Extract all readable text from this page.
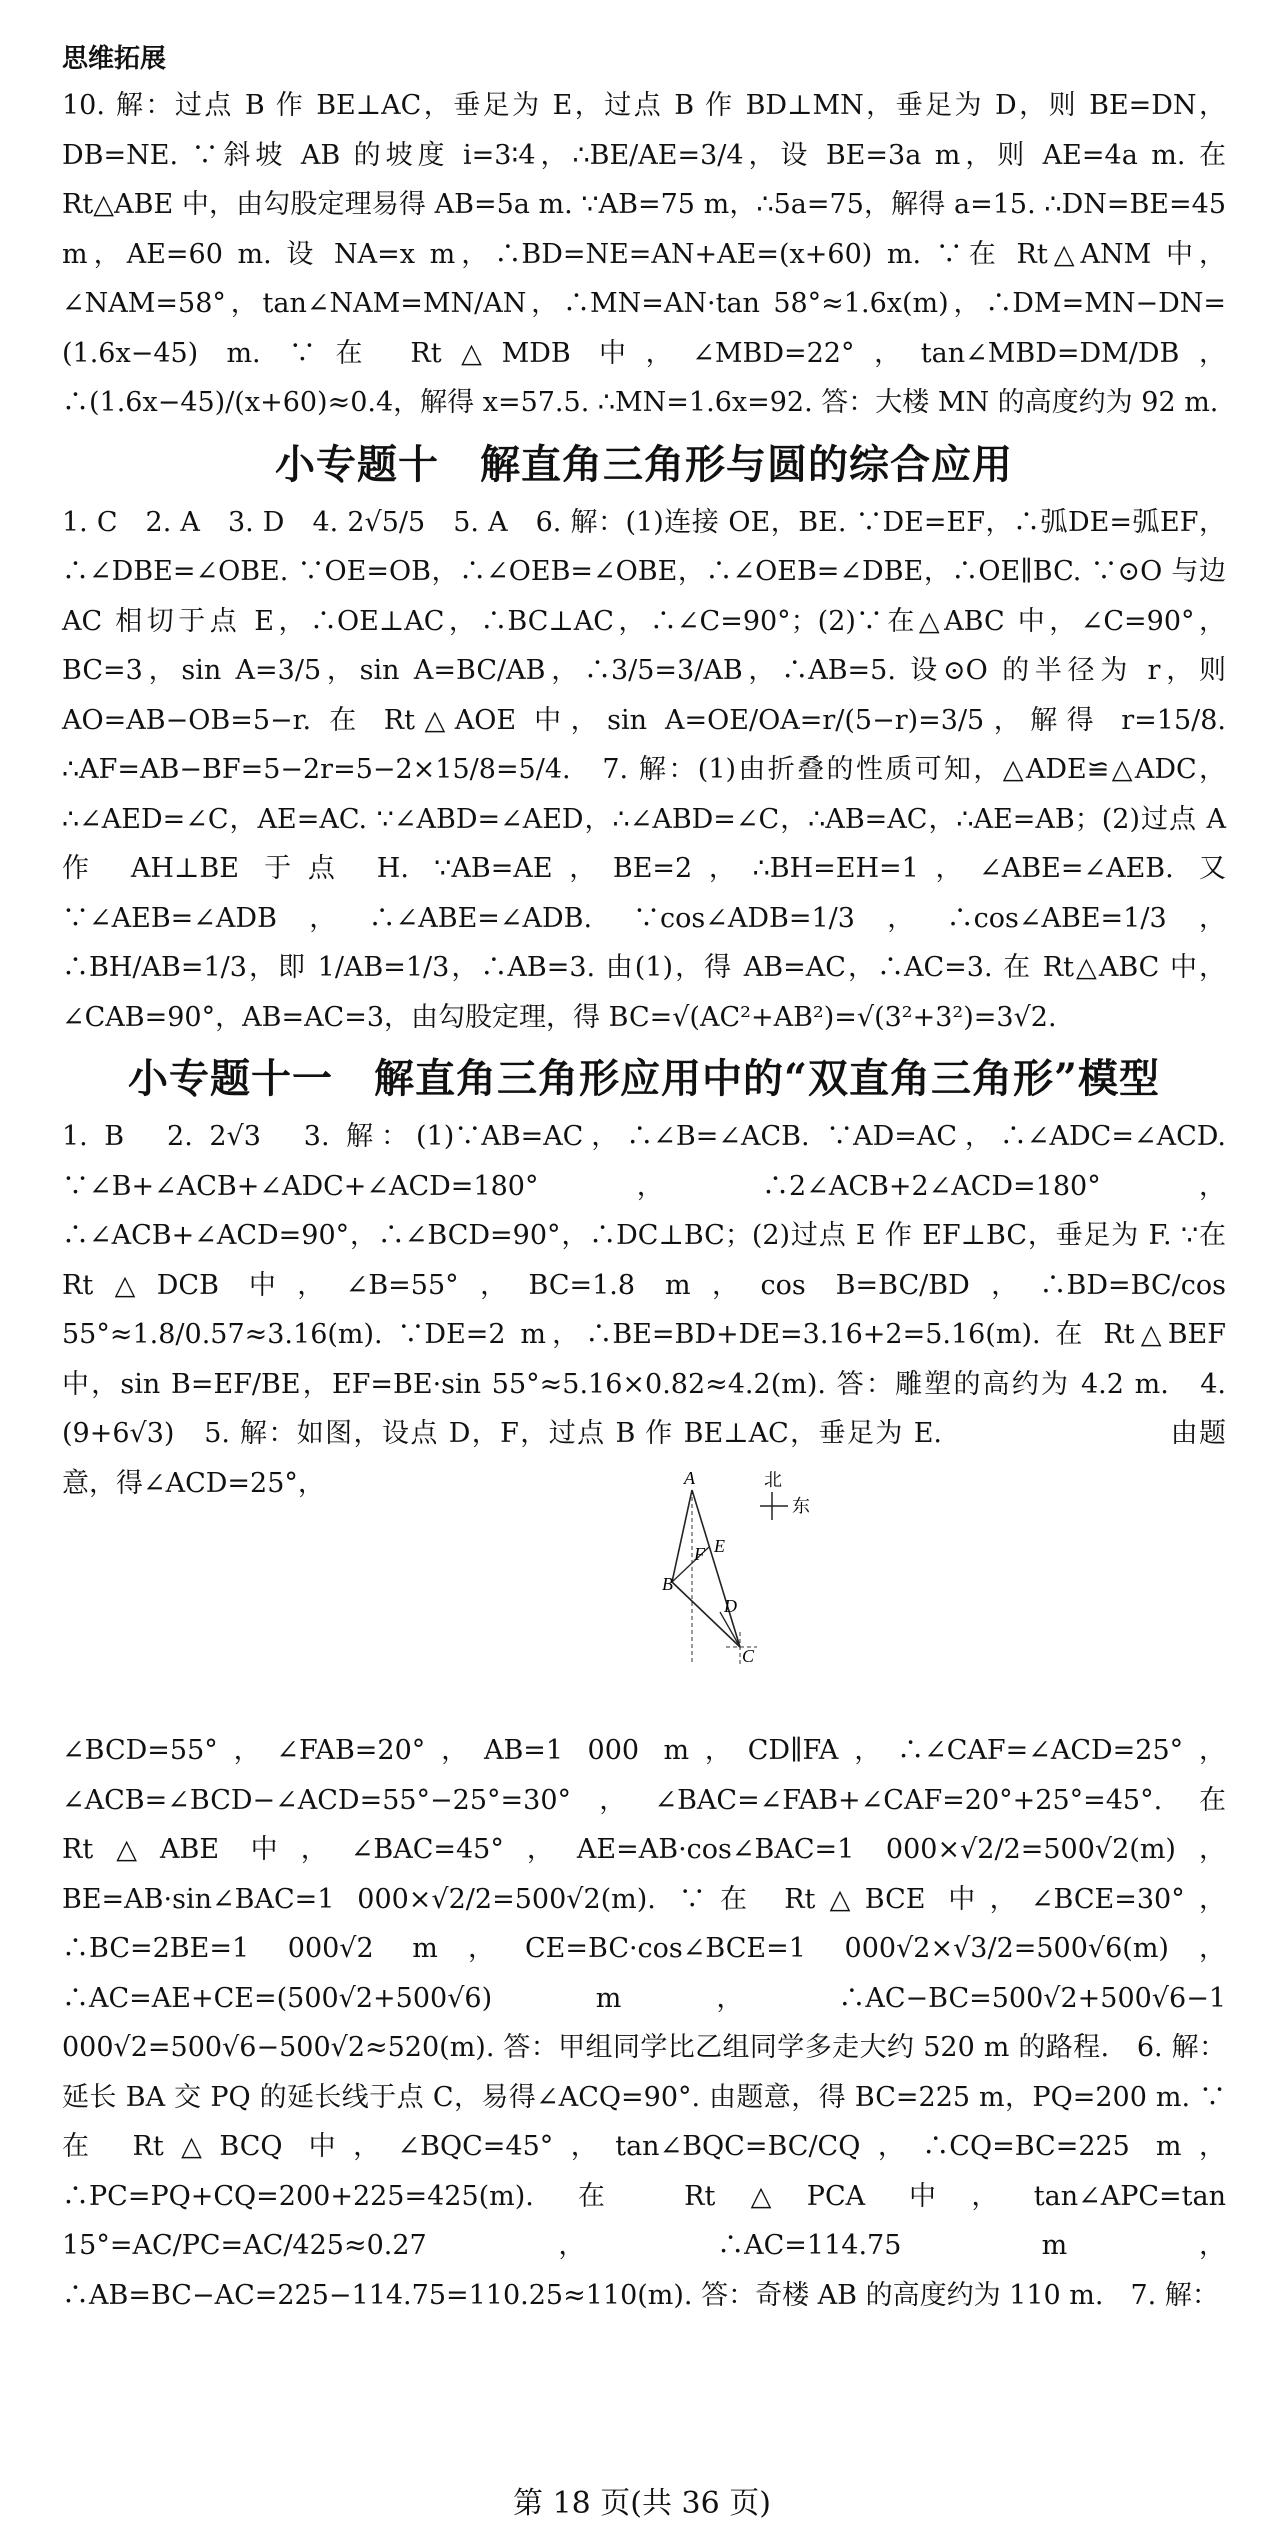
思维拓展

10. 解：过点 B 作 BE⊥AC，垂足为 E，过点 B 作 BD⊥MN，垂足为 D，则 BE=DN，DB=NE. ∵斜坡 AB 的坡度 i=3∶4，∴BE/AE=3/4，设 BE=3a m，则 AE=4a m. 在 Rt△ABE 中，由勾股定理易得 AB=5a m. ∵AB=75 m，∴5a=75，解得 a=15. ∴DN=BE=45 m，AE=60 m. 设 NA=x m，∴BD=NE=AN+AE=(x+60) m. ∵在 Rt△ANM 中，∠NAM=58°，tan∠NAM=MN/AN，∴MN=AN·tan 58°≈1.6x(m)，∴DM=MN−DN=(1.6x−45) m. ∵在 Rt△MDB 中，∠MBD=22°，tan∠MBD=DM/DB，∴(1.6x−45)/(x+60)≈0.4，解得 x=57.5. ∴MN=1.6x=92. 答：大楼 MN 的高度约为 92 m.

小专题十　解直角三角形与圆的综合应用

1. C　2. A　3. D　4. 2√5/5　5. A　6. 解：(1)连接 OE，BE. ∵DE=EF，∴弧DE=弧EF，∴∠DBE=∠OBE. ∵OE=OB，∴∠OEB=∠OBE，∴∠OEB=∠DBE，∴OE∥BC. ∵⊙O 与边 AC 相切于点 E，∴OE⊥AC，∴BC⊥AC，∴∠C=90°；(2)∵在△ABC 中，∠C=90°，BC=3，sin A=3/5，sin A=BC/AB，∴3/5=3/AB，∴AB=5. 设⊙O 的半径为 r，则 AO=AB−OB=5−r. 在 Rt△AOE 中，sin A=OE/OA=r/(5−r)=3/5，解得 r=15/8. ∴AF=AB−BF=5−2r=5−2×15/8=5/4.　7. 解：(1)由折叠的性质可知，△ADE≌△ADC，∴∠AED=∠C，AE=AC. ∵∠ABD=∠AED，∴∠ABD=∠C，∴AB=AC，∴AE=AB；(2)过点 A 作 AH⊥BE 于点 H. ∵AB=AE，BE=2，∴BH=EH=1，∠ABE=∠AEB. 又∵∠AEB=∠ADB，∴∠ABE=∠ADB. ∵cos∠ADB=1/3，∴cos∠ABE=1/3，∴BH/AB=1/3，即 1/AB=1/3，∴AB=3. 由(1)，得 AB=AC，∴AC=3. 在 Rt△ABC 中，∠CAB=90°，AB=AC=3，由勾股定理，得 BC=√(AC²+AB²)=√(3²+3²)=3√2.

小专题十一　解直角三角形应用中的“双直角三角形”模型

1. B　2. 2√3　3. 解：(1)∵AB=AC，∴∠B=∠ACB. ∵AD=AC，∴∠ADC=∠ACD. ∵∠B+∠ACB+∠ADC+∠ACD=180°，∴2∠ACB+2∠ACD=180°，∴∠ACB+∠ACD=90°，∴∠BCD=90°，∴DC⊥BC；(2)过点 E 作 EF⊥BC，垂足为 F. ∵在 Rt△DCB 中，∠B=55°，BC=1.8 m，cos B=BC/BD，∴BD=BC/cos 55°≈1.8/0.57≈3.16(m). ∵DE=2 m，∴BE=BD+DE=3.16+2=5.16(m). 在 Rt△BEF 中，sin B=EF/BE，EF=BE·sin 55°≈5.16×0.82≈4.2(m). 答：雕塑的高约为 4.2 m.　4. (9+6√3)　5. 解：如图，设点 D，F，过点 B 作 BE⊥AC，垂足为 E.　　　　　　　　由题意，得∠ACD=25°，	A
B
C
D
E
F
北
东

∠BCD=55°，∠FAB=20°，AB=1 000 m，CD∥FA，∴∠CAF=∠ACD=25°，∠ACB=∠BCD−∠ACD=55°−25°=30°，∠BAC=∠FAB+∠CAF=20°+25°=45°. 在 Rt△ABE 中，∠BAC=45°，AE=AB·cos∠BAC=1 000×√2/2=500√2(m)，BE=AB·sin∠BAC=1 000×√2/2=500√2(m). ∵在 Rt△BCE 中，∠BCE=30°，∴BC=2BE=1 000√2 m，CE=BC·cos∠BCE=1 000√2×√3/2=500√6(m)，∴AC=AE+CE=(500√2+500√6) m，∴AC−BC=500√2+500√6−1 000√2=500√6−500√2≈520(m). 答：甲组同学比乙组同学多走大约 520 m 的路程.　6. 解：延长 BA 交 PQ 的延长线于点 C，易得∠ACQ=90°. 由题意，得 BC=225 m，PQ=200 m. ∵在 Rt△BCQ 中，∠BQC=45°，tan∠BQC=BC/CQ，∴CQ=BC=225 m，∴PC=PQ+CQ=200+225=425(m). 在 Rt△PCA 中，tan∠APC=tan 15°=AC/PC=AC/425≈0.27，∴AC=114.75 m，∴AB=BC−AC=225−114.75=110.25≈110(m). 答：奇楼 AB 的高度约为 110 m.　7. 解：

第 18 页(共 36 页)
